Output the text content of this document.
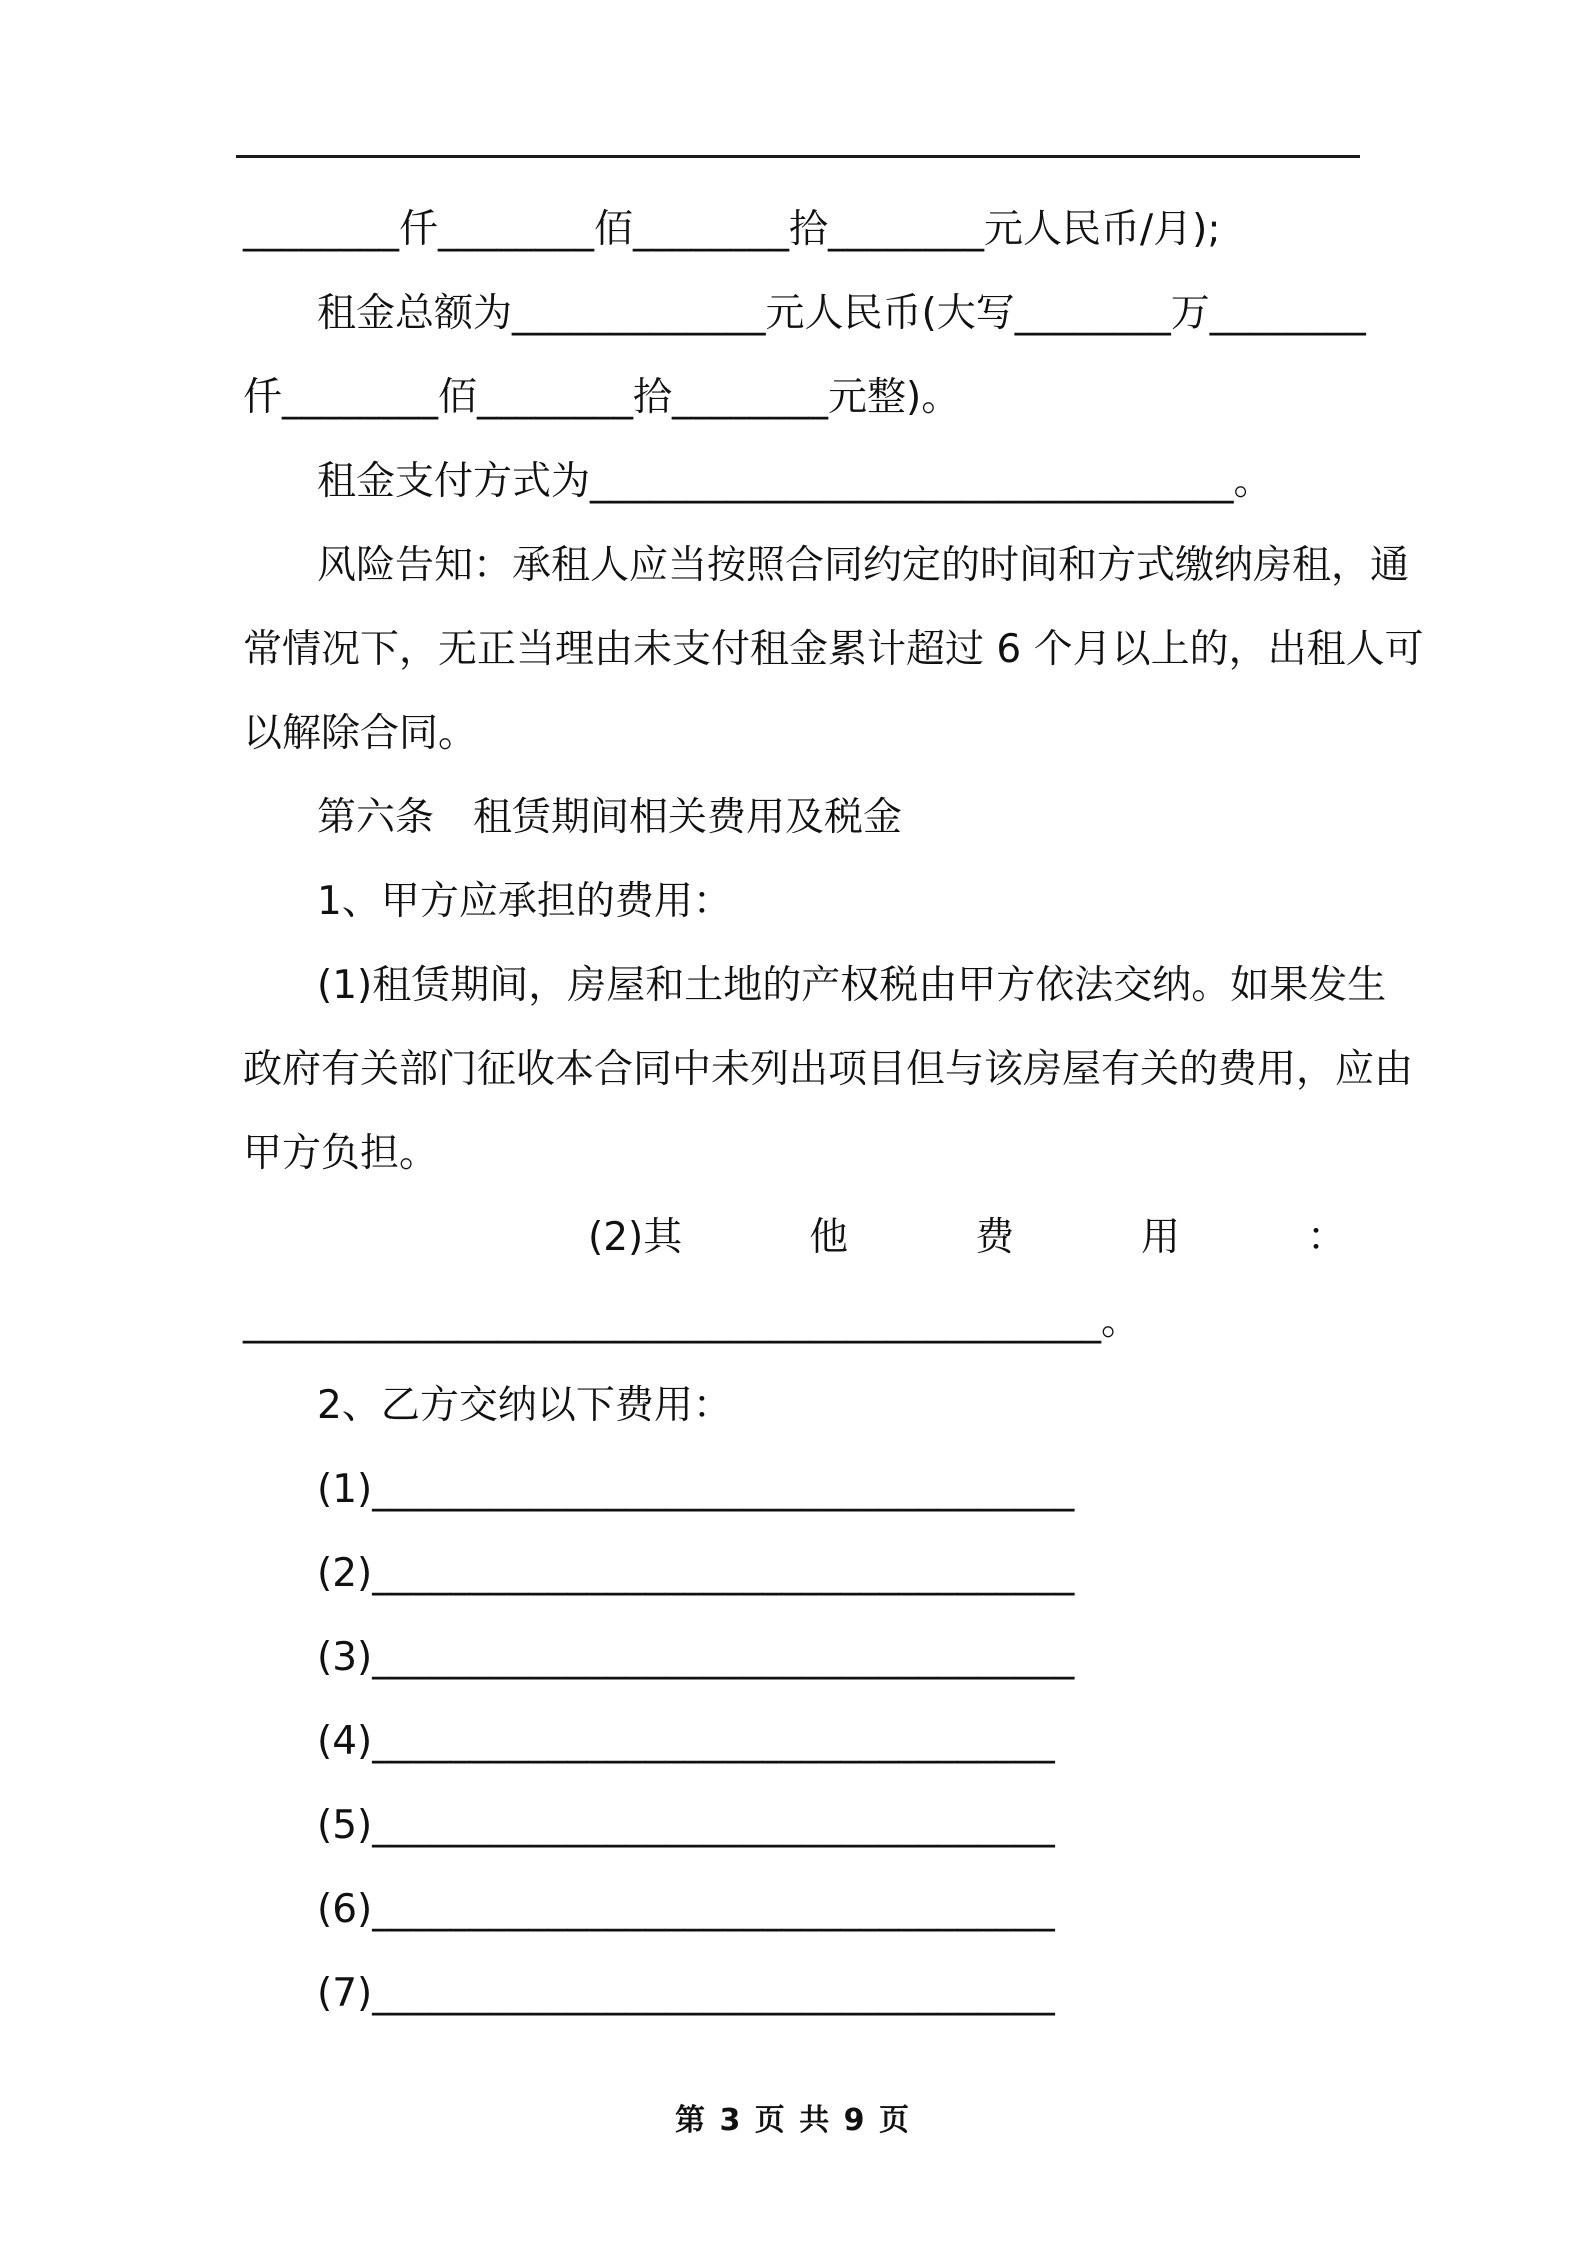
________仟________佰________拾________元人民币/月);
租金总额为_____________元人民币(大写________万________
仟________佰________拾________元整)。
租金支付方式为_________________________________。
风险告知：承租人应当按照合同约定的时间和方式缴纳房租，通
常情况下，无正当理由未支付租金累计超过 6 个月以上的，出租人可
以解除合同。
第六条　租赁期间相关费用及税金
1、甲方应承担的费用：
(1)租赁期间，房屋和土地的产权税由甲方依法交纳。如果发生
政府有关部门征收本合同中未列出项目但与该房屋有关的费用，应由
甲方负担。
(2)其	他	费	用	：
____________________________________________。
2、乙方交纳以下费用：
(1)____________________________________
(2)____________________________________
(3)____________________________________
(4)___________________________________
(5)___________________________________
(6)___________________________________
(7)___________________________________
第 3 页 共 9 页
